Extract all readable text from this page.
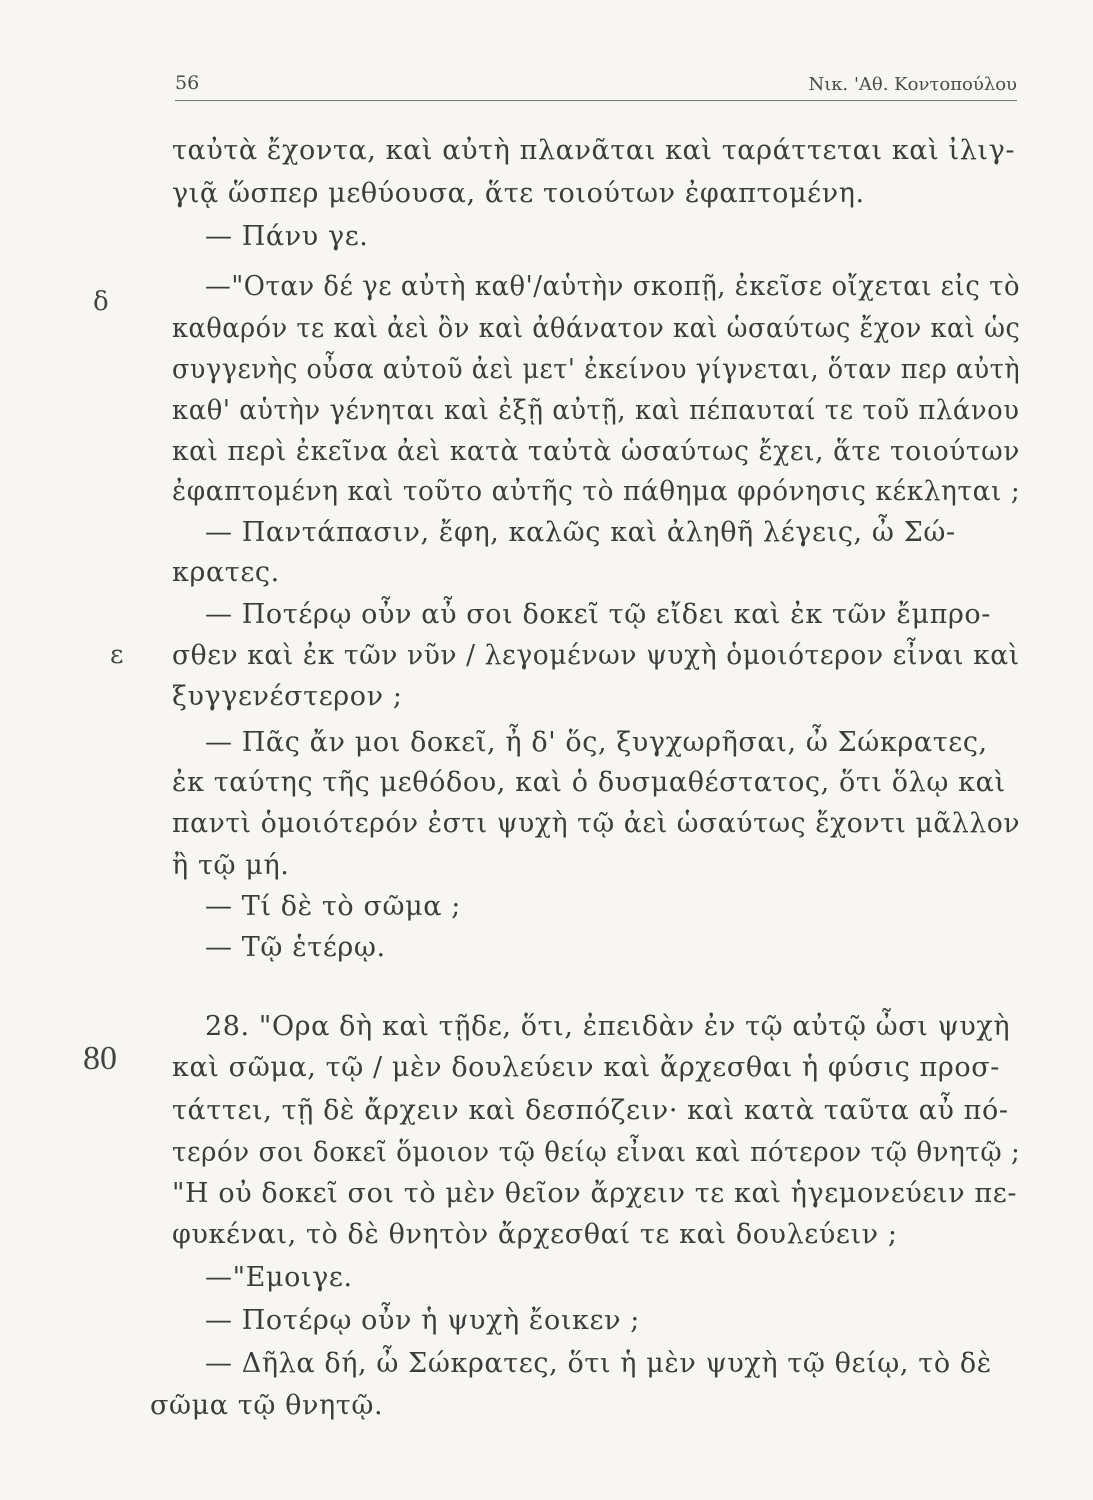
56	Νικ. 'Αθ. Κοντοπούλου
δ
ε
80
ταὐτὰ ἔχοντα, καὶ αὐτὴ πλανᾶται καὶ ταράττεται καὶ ἰλιγ-
γιᾷ ὥσπερ μεθύουσα, ἅτε τοιούτων ἐφαπτομένη.
— Πάνυ γε.
—"Οταν δέ γε αὐτὴ καθ'/αὑτὴν σκοπῇ, ἐκεῖσε οἴχεται εἰς τὸ
καθαρόν τε καὶ ἀεὶ ὂν καὶ ἀθάνατον καὶ ὡσαύτως ἔχον καὶ ὡς
συγγενὴς οὖσα αὐτοῦ ἀεὶ μετ' ἐκείνου γίγνεται, ὅταν περ αὐτὴ
καθ' αὑτὴν γένηται καὶ ἐξῇ αὐτῇ, καὶ πέπαυταί τε τοῦ πλάνου
καὶ περὶ ἐκεῖνα ἀεὶ κατὰ ταὐτὰ ὡσαύτως ἔχει, ἅτε τοιούτων
ἐφαπτομένη καὶ τοῦτο αὐτῆς τὸ πάθημα φρόνησις κέκληται ;
— Παντάπασιν, ἔφη, καλῶς καὶ ἀληθῆ λέγεις, ὦ Σώ-
κρατες.
— Ποτέρῳ οὖν αὖ σοι δοκεῖ τῷ εἴδει καὶ ἐκ τῶν ἔμπρο-
σθεν καὶ ἐκ τῶν νῦν / λεγομένων ψυχὴ ὁμοιότερον εἶναι καὶ
ξυγγενέστερον ;
— Πᾶς ἄν μοι δοκεῖ, ἦ δ' ὅς, ξυγχωρῆσαι, ὦ Σώκρατες,
ἐκ ταύτης τῆς μεθόδου, καὶ ὁ δυσμαθέστατος, ὅτι ὅλῳ καὶ
παντὶ ὁμοιότερόν ἐστι ψυχὴ τῷ ἀεὶ ὡσαύτως ἔχοντι μᾶλλον
ἢ τῷ μή.
— Τί δὲ τὸ σῶμα ;
— Τῷ ἑτέρῳ.
28. "Ορα δὴ καὶ τῇδε, ὅτι, ἐπειδὰν ἐν τῷ αὐτῷ ὦσι ψυχὴ
καὶ σῶμα, τῷ / μὲν δουλεύειν καὶ ἄρχεσθαι ἡ φύσις προσ-
τάττει, τῇ δὲ ἄρχειν καὶ δεσπόζειν· καὶ κατὰ ταῦτα αὖ πό-
τερόν σοι δοκεῖ ὅμοιον τῷ θείῳ εἶναι καὶ πότερον τῷ θνητῷ ;
"Η οὐ δοκεῖ σοι τὸ μὲν θεῖον ἄρχειν τε καὶ ἡγεμονεύειν πε-
φυκέναι, τὸ δὲ θνητὸν ἄρχεσθαί τε καὶ δουλεύειν ;
—"Εμοιγε.
— Ποτέρῳ οὖν ἡ ψυχὴ ἔοικεν ;
— Δῆλα δή, ὦ Σώκρατες, ὅτι ἡ μὲν ψυχὴ τῷ θείῳ, τὸ δὲ
σῶμα τῷ θνητῷ.
